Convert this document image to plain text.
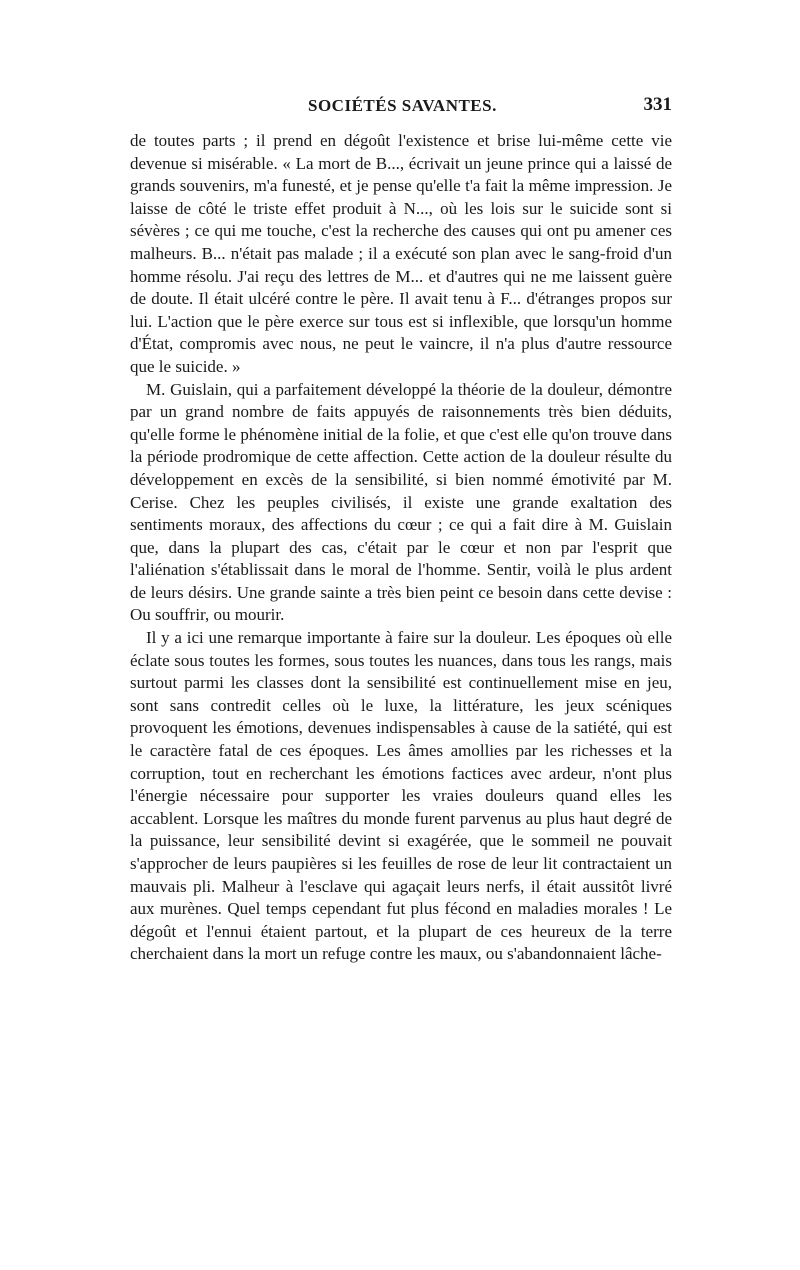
SOCIÉTÉS SAVANTES.	331

de toutes parts ; il prend en dégoût l'existence et brise lui-même cette vie devenue si misérable. « La mort de B..., écrivait un jeune prince qui a laissé de grands souvenirs, m'a funesté, et je pense qu'elle t'a fait la même impression. Je laisse de côté le triste effet produit à N..., où les lois sur le suicide sont si sévères ; ce qui me touche, c'est la recherche des causes qui ont pu amener ces malheurs. B... n'était pas malade ; il a exécuté son plan avec le sang-froid d'un homme résolu. J'ai reçu des lettres de M... et d'autres qui ne me laissent guère de doute. Il était ulcéré contre le père. Il avait tenu à F... d'étranges propos sur lui. L'action que le père exerce sur tous est si inflexible, que lorsqu'un homme d'État, compromis avec nous, ne peut le vaincre, il n'a plus d'autre ressource que le suicide. »

M. Guislain, qui a parfaitement développé la théorie de la douleur, démontre par un grand nombre de faits appuyés de raisonnements très bien déduits, qu'elle forme le phénomène initial de la folie, et que c'est elle qu'on trouve dans la période prodromique de cette affection. Cette action de la douleur résulte du développement en excès de la sensibilité, si bien nommé émotivité par M. Cerise. Chez les peuples civilisés, il existe une grande exaltation des sentiments moraux, des affections du cœur ; ce qui a fait dire à M. Guislain que, dans la plupart des cas, c'était par le cœur et non par l'esprit que l'aliénation s'établissait dans le moral de l'homme. Sentir, voilà le plus ardent de leurs désirs. Une grande sainte a très bien peint ce besoin dans cette devise : Ou souffrir, ou mourir.

Il y a ici une remarque importante à faire sur la douleur. Les époques où elle éclate sous toutes les formes, sous toutes les nuances, dans tous les rangs, mais surtout parmi les classes dont la sensibilité est continuellement mise en jeu, sont sans contredit celles où le luxe, la littérature, les jeux scéniques provoquent les émotions, devenues indispensables à cause de la satiété, qui est le caractère fatal de ces époques. Les âmes amollies par les richesses et la corruption, tout en recherchant les émotions factices avec ardeur, n'ont plus l'énergie nécessaire pour supporter les vraies douleurs quand elles les accablent. Lorsque les maîtres du monde furent parvenus au plus haut degré de la puissance, leur sensibilité devint si exagérée, que le sommeil ne pouvait s'approcher de leurs paupières si les feuilles de rose de leur lit contractaient un mauvais pli. Malheur à l'esclave qui agaçait leurs nerfs, il était aussitôt livré aux murènes. Quel temps cependant fut plus fécond en maladies morales ! Le dégoût et l'ennui étaient partout, et la plupart de ces heureux de la terre cherchaient dans la mort un refuge contre les maux, ou s'abandonnaient lâche-
